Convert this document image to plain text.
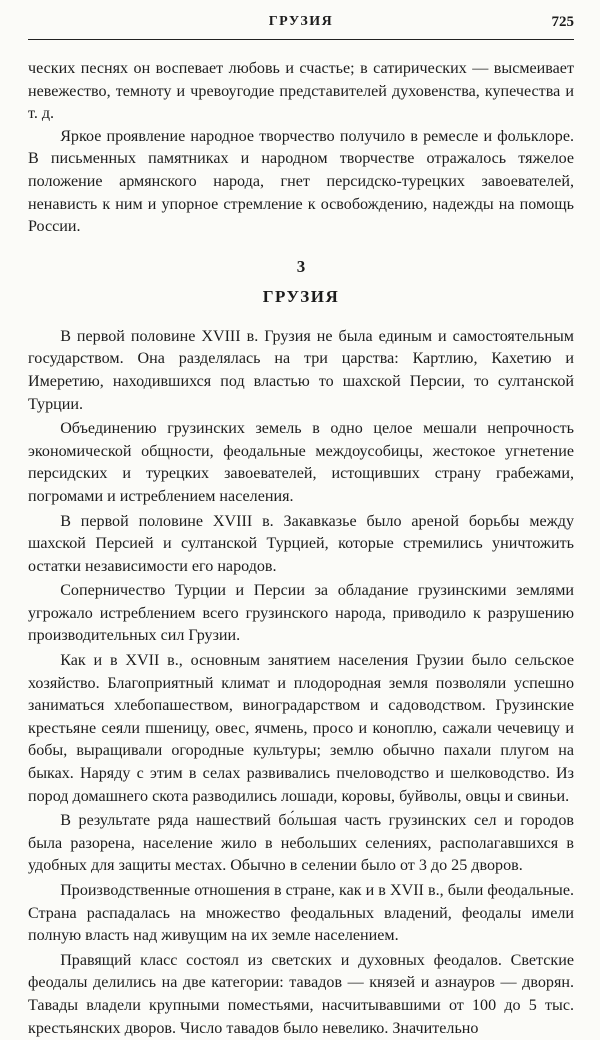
ГРУЗИЯ	725

ческих песнях он воспевает любовь и счастье; в сатирических — высмеивает невежество, темноту и чревоугодие представителей духовенства, купечества и т. д.

Яркое проявление народное творчество получило в ремесле и фольклоре. В письменных памятниках и народном творчестве отражалось тяжелое положение армянского народа, гнет персидско-турецких завоевателей, ненависть к ним и упорное стремление к освобождению, надежды на помощь России.

3
ГРУЗИЯ

В первой половине XVIII в. Грузия не была единым и самостоятельным государством. Она разделялась на три царства: Картлию, Кахетию и Имеретию, находившихся под властью то шахской Персии, то султанской Турции.

Объединению грузинских земель в одно целое мешали непрочность экономической общности, феодальные междоусобицы, жестокое угнетение персидских и турецких завоевателей, истощивших страну грабежами, погромами и истреблением населения.

В первой половине XVIII в. Закавказье было ареной борьбы между шахской Персией и султанской Турцией, которые стремились уничтожить остатки независимости его народов.

Соперничество Турции и Персии за обладание грузинскими землями угрожало истреблением всего грузинского народа, приводило к разрушению производительных сил Грузии.

Как и в XVII в., основным занятием населения Грузии было сельское хозяйство. Благоприятный климат и плодородная земля позволяли успешно заниматься хлебопашеством, виноградарством и садоводством. Грузинские крестьяне сеяли пшеницу, овес, ячмень, просо и коноплю, сажали чечевицу и бобы, выращивали огородные культуры; землю обычно пахали плугом на быках. Наряду с этим в селах развивались пчеловодство и шелководство. Из пород домашнего скота разводились лошади, коровы, буйволы, овцы и свиньи.

В результате ряда нашествий бо́льшая часть грузинских сел и городов была разорена, население жило в небольших селениях, располагавшихся в удобных для защиты местах. Обычно в селении было от 3 до 25 дворов.

Производственные отношения в стране, как и в XVII в., были феодальные. Страна распадалась на множество феодальных владений, феодалы имели полную власть над живущим на их земле населением.

Правящий класс состоял из светских и духовных феодалов. Светские феодалы делились на две категории: тавадов — князей и азнауров — дворян. Тавады владели крупными поместьями, насчитывавшими от 100 до 5 тыс. крестьянских дворов. Число тавадов было невелико. Значительно
